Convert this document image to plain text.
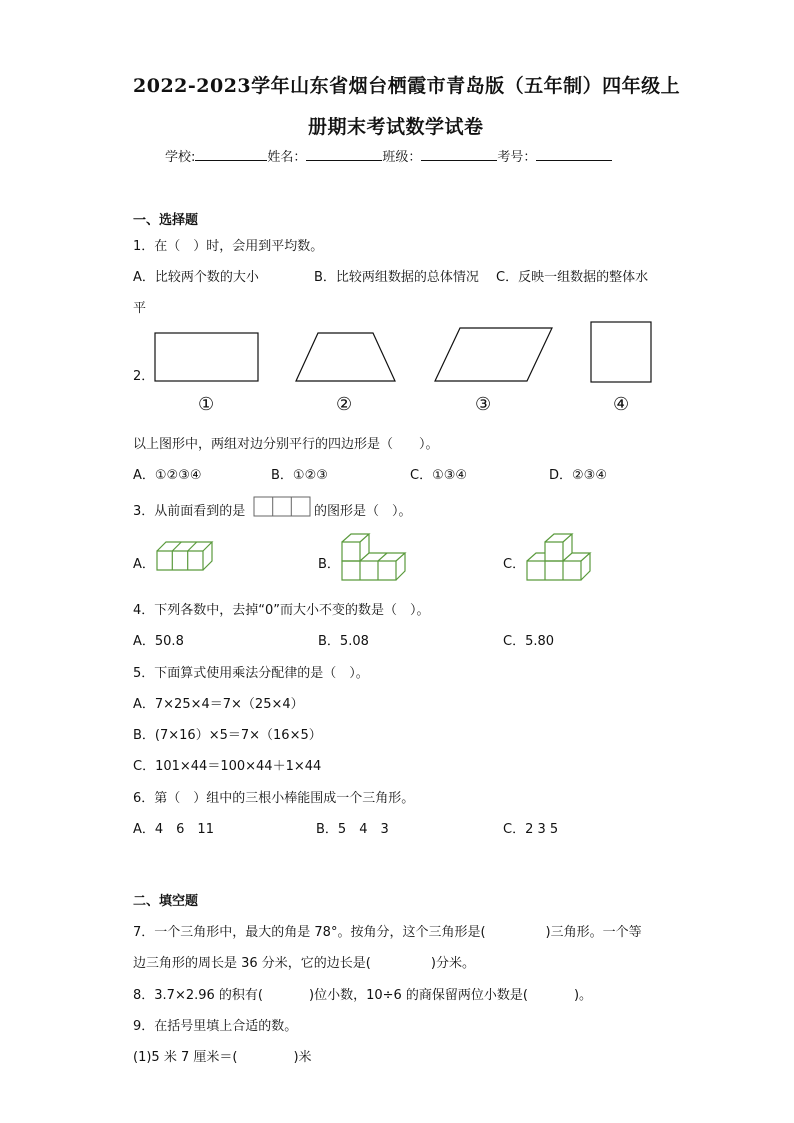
2022-2023学年山东省烟台栖霞市青岛版（五年制）四年级上
册期末考试数学试卷
学校:	姓名：	班级：	考号：
一、选择题
1．在（　）时，会用到平均数。
A．比较两个数的大小	B．比较两组数据的总体情况 C．反映一组数据的整体水
平
2．
①	②	③	④
以上图形中，两组对边分别平行的四边形是（　　）。
A．①②③④	B．①②③	C．①③④	D．②③④
3．从前面看到的是	的图形是（　）。
A．	B．	C．
4．下列各数中，去掉“0”而大小不变的数是（　）。
A．50.8	B．5.08	C．5.80
5．下面算式使用乘法分配律的是（　）。
A．7×25×4＝7×（25×4）
B．(7×16）×5＝7×（16×5）
C．101×44＝100×44＋1×44
6．第（　）组中的三根小棒能围成一个三角形。
A．4　6　11	B．5　4　3	C．2 3 5
二、填空题
7．一个三角形中，最大的角是 78°。按角分，这个三角形是(	)三角形。一个等
边三角形的周长是 36 分米，它的边长是(	)分米。
8．3.7×2.96 的积有(	)位小数，10÷6 的商保留两位小数是(	)。
9．在括号里填上合适的数。
(1)5 米 7 厘米＝(	)米
